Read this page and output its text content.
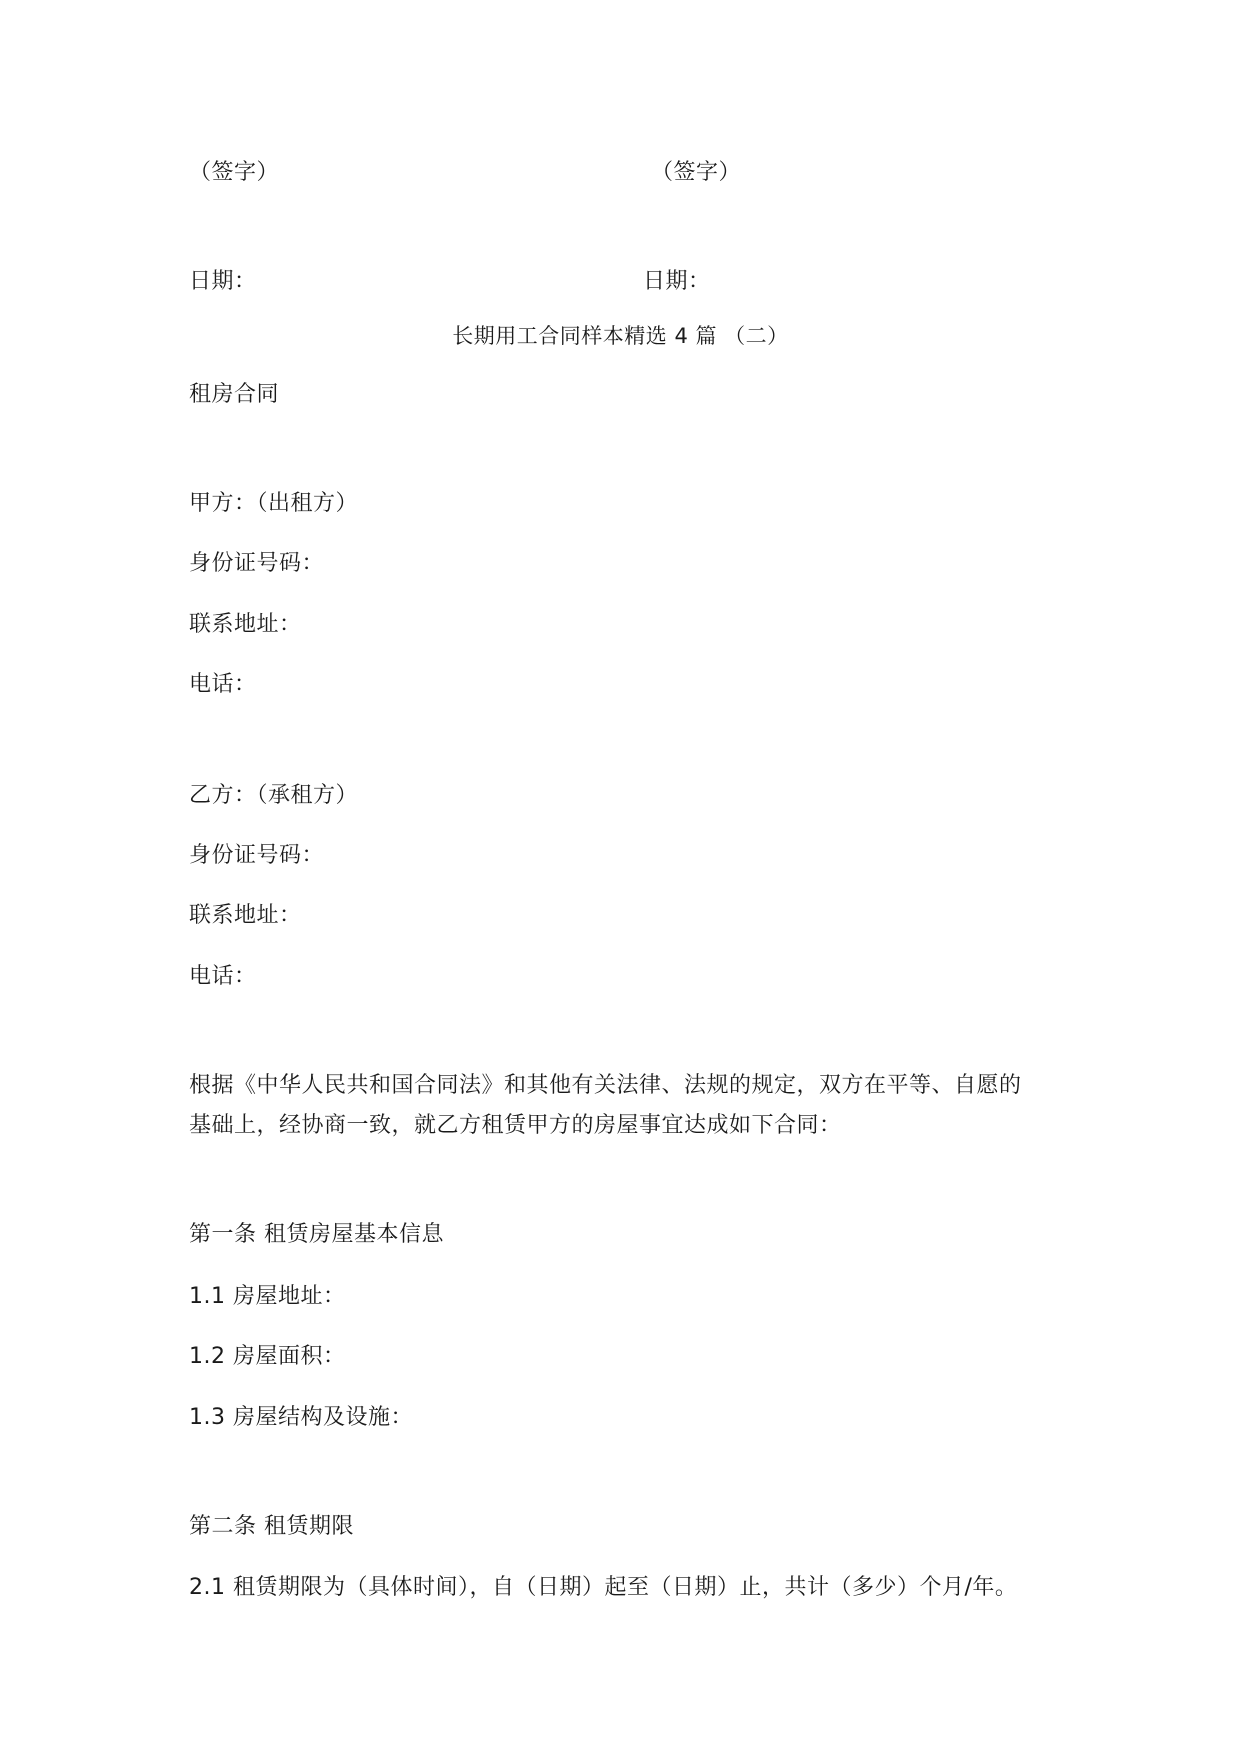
（签字）	（签字）
日期：	日期：
长期用工合同样本精选 4 篇 （二）
租房合同
甲方：（出租方）
身份证号码：
联系地址：
电话：
乙方：（承租方）
身份证号码：
联系地址：
电话：
根据《中华人民共和国合同法》和其他有关法律、法规的规定，双方在平等、自愿的
基础上，经协商一致，就乙方租赁甲方的房屋事宜达成如下合同：
第一条 租赁房屋基本信息
1.1 房屋地址：
1.2 房屋面积：
1.3 房屋结构及设施：
第二条 租赁期限
2.1 租赁期限为（具体时间），自（日期）起至（日期）止，共计（多少）个月/年。
